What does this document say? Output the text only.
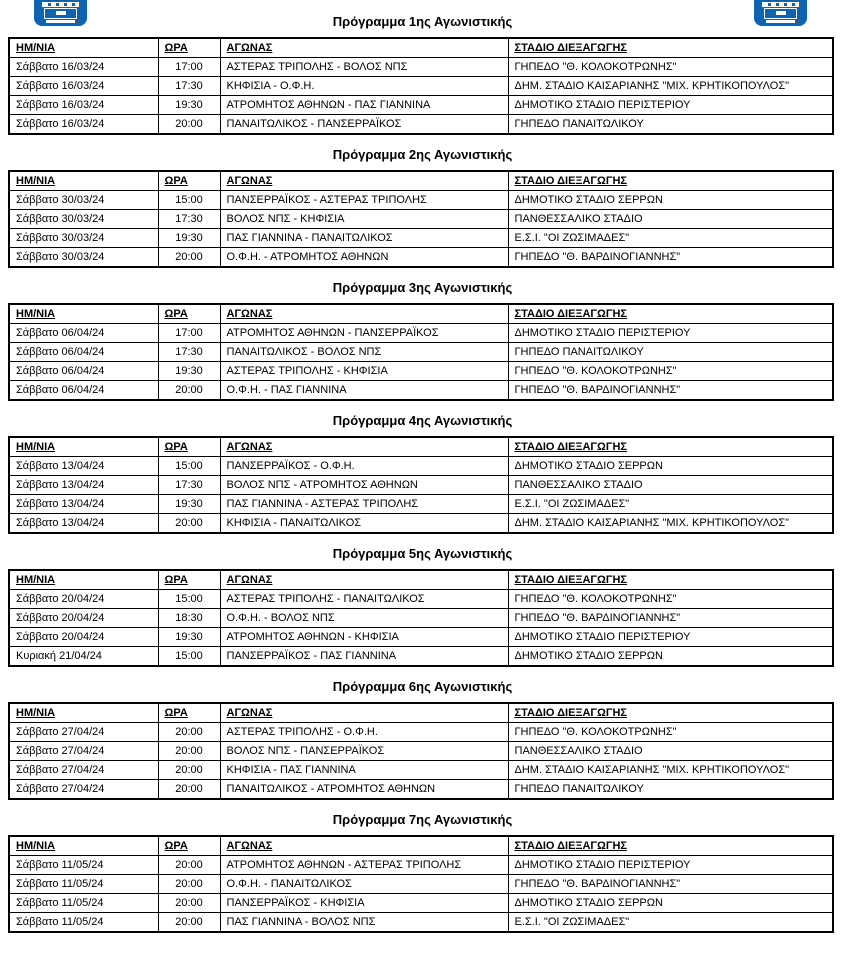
Πρόγραμμα 1ης Αγωνιστικής
ΗΜ/ΝΙΑ	ΩΡΑ	ΑΓΩΝΑΣ	ΣΤΑΔΙΟ ΔΙΕΞΑΓΩΓΗΣ
Σάββατο 16/03/24	17:00	ΑΣΤΕΡΑΣ ΤΡΙΠΟΛΗΣ - ΒΟΛΟΣ ΝΠΣ	ΓΗΠΕΔΟ "Θ. ΚΟΛΟΚΟΤΡΩΝΗΣ"
Σάββατο 16/03/24	17:30	ΚΗΦΙΣΙΑ - Ο.Φ.Η.	ΔΗΜ. ΣΤΑΔΙΟ ΚΑΙΣΑΡΙΑΝΗΣ "ΜΙΧ. ΚΡΗΤΙΚΟΠΟΥΛΟΣ"
Σάββατο 16/03/24	19:30	ΑΤΡΟΜΗΤΟΣ ΑΘΗΝΩΝ - ΠΑΣ ΓΙΑΝΝΙΝΑ	ΔΗΜΟΤΙΚΟ ΣΤΑΔΙΟ ΠΕΡΙΣΤΕΡΙΟΥ
Σάββατο 16/03/24	20:00	ΠΑΝΑΙΤΩΛΙΚΟΣ - ΠΑΝΣΕΡΡΑΪΚΟΣ	ΓΗΠΕΔΟ ΠΑΝΑΙΤΩΛΙΚΟΥ
Πρόγραμμα 2ης Αγωνιστικής
ΗΜ/ΝΙΑ	ΩΡΑ	ΑΓΩΝΑΣ	ΣΤΑΔΙΟ ΔΙΕΞΑΓΩΓΗΣ
Σάββατο 30/03/24	15:00	ΠΑΝΣΕΡΡΑΪΚΟΣ - ΑΣΤΕΡΑΣ ΤΡΙΠΟΛΗΣ	ΔΗΜΟΤΙΚΟ ΣΤΑΔΙΟ ΣΕΡΡΩΝ
Σάββατο 30/03/24	17:30	ΒΟΛΟΣ ΝΠΣ - ΚΗΦΙΣΙΑ	ΠΑΝΘΕΣΣΑΛΙΚΟ ΣΤΑΔΙΟ
Σάββατο 30/03/24	19:30	ΠΑΣ ΓΙΑΝΝΙΝΑ - ΠΑΝΑΙΤΩΛΙΚΟΣ	Ε.Σ.Ι. "ΟΙ ΖΩΣΙΜΑΔΕΣ"
Σάββατο 30/03/24	20:00	Ο.Φ.Η. - ΑΤΡΟΜΗΤΟΣ ΑΘΗΝΩΝ	ΓΗΠΕΔΟ "Θ. ΒΑΡΔΙΝΟΓΙΑΝΝΗΣ"
Πρόγραμμα 3ης Αγωνιστικής
ΗΜ/ΝΙΑ	ΩΡΑ	ΑΓΩΝΑΣ	ΣΤΑΔΙΟ ΔΙΕΞΑΓΩΓΗΣ
Σάββατο 06/04/24	17:00	ΑΤΡΟΜΗΤΟΣ ΑΘΗΝΩΝ - ΠΑΝΣΕΡΡΑΪΚΟΣ	ΔΗΜΟΤΙΚΟ ΣΤΑΔΙΟ ΠΕΡΙΣΤΕΡΙΟΥ
Σάββατο 06/04/24	17:30	ΠΑΝΑΙΤΩΛΙΚΟΣ - ΒΟΛΟΣ ΝΠΣ	ΓΗΠΕΔΟ ΠΑΝΑΙΤΩΛΙΚΟΥ
Σάββατο 06/04/24	19:30	ΑΣΤΕΡΑΣ ΤΡΙΠΟΛΗΣ - ΚΗΦΙΣΙΑ	ΓΗΠΕΔΟ "Θ. ΚΟΛΟΚΟΤΡΩΝΗΣ"
Σάββατο 06/04/24	20:00	Ο.Φ.Η. - ΠΑΣ ΓΙΑΝΝΙΝΑ	ΓΗΠΕΔΟ "Θ. ΒΑΡΔΙΝΟΓΙΑΝΝΗΣ"
Πρόγραμμα 4ης Αγωνιστικής
ΗΜ/ΝΙΑ	ΩΡΑ	ΑΓΩΝΑΣ	ΣΤΑΔΙΟ ΔΙΕΞΑΓΩΓΗΣ
Σάββατο 13/04/24	15:00	ΠΑΝΣΕΡΡΑΪΚΟΣ - Ο.Φ.Η.	ΔΗΜΟΤΙΚΟ ΣΤΑΔΙΟ ΣΕΡΡΩΝ
Σάββατο 13/04/24	17:30	ΒΟΛΟΣ ΝΠΣ - ΑΤΡΟΜΗΤΟΣ ΑΘΗΝΩΝ	ΠΑΝΘΕΣΣΑΛΙΚΟ ΣΤΑΔΙΟ
Σάββατο 13/04/24	19:30	ΠΑΣ ΓΙΑΝΝΙΝΑ - ΑΣΤΕΡΑΣ ΤΡΙΠΟΛΗΣ	Ε.Σ.Ι. "ΟΙ ΖΩΣΙΜΑΔΕΣ"
Σάββατο 13/04/24	20:00	ΚΗΦΙΣΙΑ - ΠΑΝΑΙΤΩΛΙΚΟΣ	ΔΗΜ. ΣΤΑΔΙΟ ΚΑΙΣΑΡΙΑΝΗΣ "ΜΙΧ. ΚΡΗΤΙΚΟΠΟΥΛΟΣ"
Πρόγραμμα 5ης Αγωνιστικής
ΗΜ/ΝΙΑ	ΩΡΑ	ΑΓΩΝΑΣ	ΣΤΑΔΙΟ ΔΙΕΞΑΓΩΓΗΣ
Σάββατο 20/04/24	15:00	ΑΣΤΕΡΑΣ ΤΡΙΠΟΛΗΣ - ΠΑΝΑΙΤΩΛΙΚΟΣ	ΓΗΠΕΔΟ "Θ. ΚΟΛΟΚΟΤΡΩΝΗΣ"
Σάββατο 20/04/24	18:30	Ο.Φ.Η. - ΒΟΛΟΣ ΝΠΣ	ΓΗΠΕΔΟ "Θ. ΒΑΡΔΙΝΟΓΙΑΝΝΗΣ"
Σάββατο 20/04/24	19:30	ΑΤΡΟΜΗΤΟΣ ΑΘΗΝΩΝ - ΚΗΦΙΣΙΑ	ΔΗΜΟΤΙΚΟ ΣΤΑΔΙΟ ΠΕΡΙΣΤΕΡΙΟΥ
Κυριακή 21/04/24	15:00	ΠΑΝΣΕΡΡΑΪΚΟΣ - ΠΑΣ ΓΙΑΝΝΙΝΑ	ΔΗΜΟΤΙΚΟ ΣΤΑΔΙΟ ΣΕΡΡΩΝ
Πρόγραμμα 6ης Αγωνιστικής
ΗΜ/ΝΙΑ	ΩΡΑ	ΑΓΩΝΑΣ	ΣΤΑΔΙΟ ΔΙΕΞΑΓΩΓΗΣ
Σάββατο 27/04/24	20:00	ΑΣΤΕΡΑΣ ΤΡΙΠΟΛΗΣ - Ο.Φ.Η.	ΓΗΠΕΔΟ "Θ. ΚΟΛΟΚΟΤΡΩΝΗΣ"
Σάββατο 27/04/24	20:00	ΒΟΛΟΣ ΝΠΣ - ΠΑΝΣΕΡΡΑΪΚΟΣ	ΠΑΝΘΕΣΣΑΛΙΚΟ ΣΤΑΔΙΟ
Σάββατο 27/04/24	20:00	ΚΗΦΙΣΙΑ - ΠΑΣ ΓΙΑΝΝΙΝΑ	ΔΗΜ. ΣΤΑΔΙΟ ΚΑΙΣΑΡΙΑΝΗΣ "ΜΙΧ. ΚΡΗΤΙΚΟΠΟΥΛΟΣ"
Σάββατο 27/04/24	20:00	ΠΑΝΑΙΤΩΛΙΚΟΣ - ΑΤΡΟΜΗΤΟΣ ΑΘΗΝΩΝ	ΓΗΠΕΔΟ ΠΑΝΑΙΤΩΛΙΚΟΥ
Πρόγραμμα 7ης Αγωνιστικής
ΗΜ/ΝΙΑ	ΩΡΑ	ΑΓΩΝΑΣ	ΣΤΑΔΙΟ ΔΙΕΞΑΓΩΓΗΣ
Σάββατο 11/05/24	20:00	ΑΤΡΟΜΗΤΟΣ ΑΘΗΝΩΝ - ΑΣΤΕΡΑΣ ΤΡΙΠΟΛΗΣ	ΔΗΜΟΤΙΚΟ ΣΤΑΔΙΟ ΠΕΡΙΣΤΕΡΙΟΥ
Σάββατο 11/05/24	20:00	Ο.Φ.Η. - ΠΑΝΑΙΤΩΛΙΚΟΣ	ΓΗΠΕΔΟ "Θ. ΒΑΡΔΙΝΟΓΙΑΝΝΗΣ"
Σάββατο 11/05/24	20:00	ΠΑΝΣΕΡΡΑΪΚΟΣ - ΚΗΦΙΣΙΑ	ΔΗΜΟΤΙΚΟ ΣΤΑΔΙΟ ΣΕΡΡΩΝ
Σάββατο 11/05/24	20:00	ΠΑΣ ΓΙΑΝΝΙΝΑ - ΒΟΛΟΣ ΝΠΣ	Ε.Σ.Ι. "ΟΙ ΖΩΣΙΜΑΔΕΣ"
